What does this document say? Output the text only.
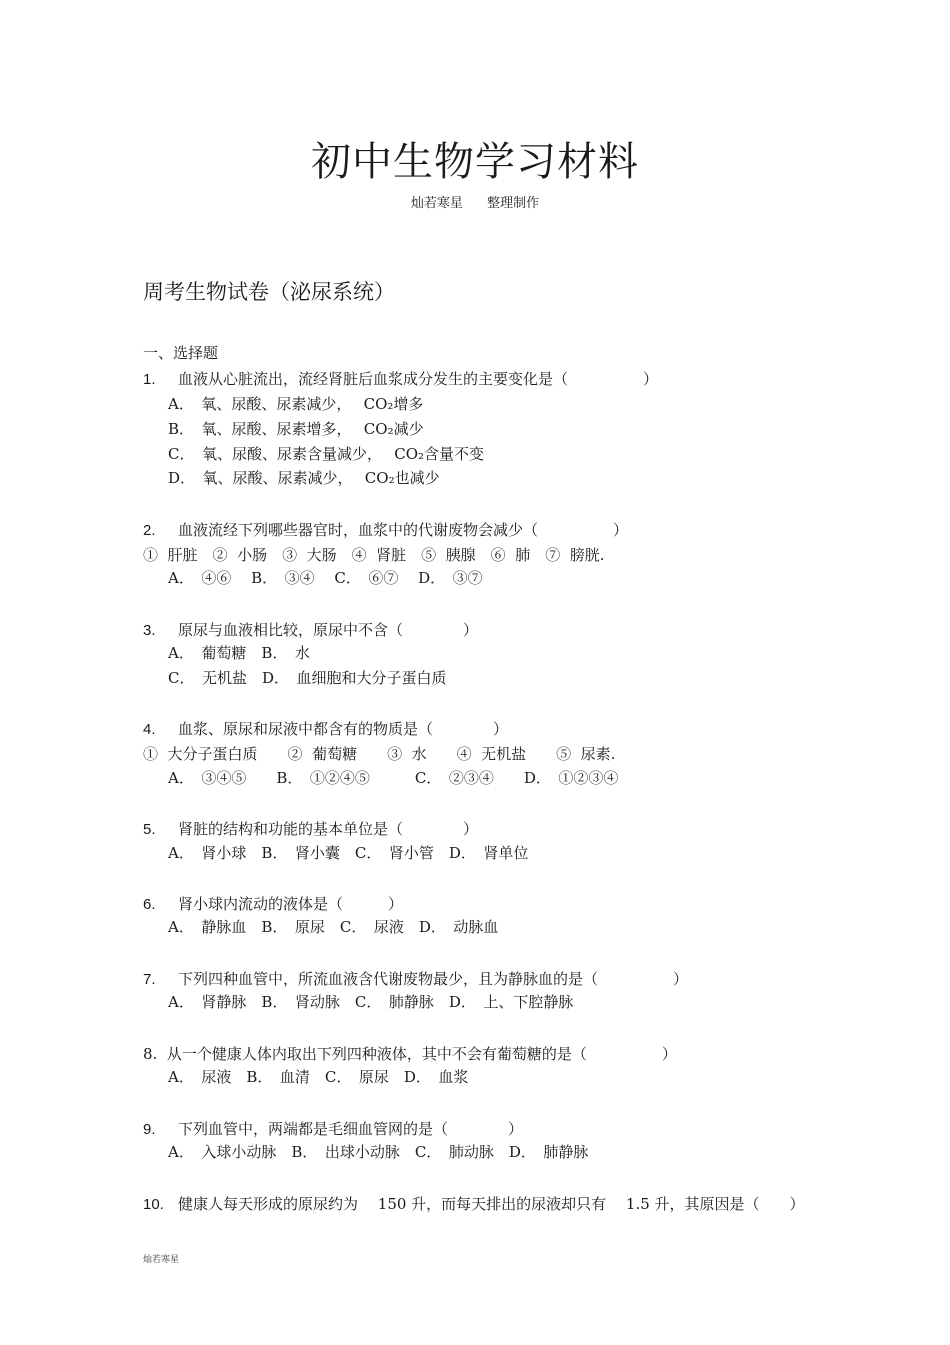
初中生物学习材料
灿若寒星 整理制作
周考生物试卷（泌尿系统）
一、选择题
1. 血液从心脏流出，流经肾脏后血浆成分发生的主要变化是（　　　　　）
A．　氧、尿酸、尿素减少，　 CO₂增多
B．　氧、尿酸、尿素增多，　 CO₂减少
C．　氧、尿酸、尿素含量减少，　 CO₂含量不变
D．　氧、尿酸、尿素减少，　 CO₂也减少
2. 血液流经下列哪些器官时，血浆中的代谢废物会减少（　　　　　）
①  肝脏　②  小肠　③  大肠　④  肾脏　⑤  胰腺　⑥  肺　⑦  膀胱.
A．　④⑥　 B．　③④　 C．　⑥⑦　 D．　③⑦
3. 原尿与血液相比较，原尿中不含（　　　　）
A．　葡萄糖　B．　水
C．　无机盐　D．　血细胞和大分子蛋白质
4. 血浆、原尿和尿液中都含有的物质是（　　　　）
①  大分子蛋白质　　②  葡萄糖　　③  水　　④  无机盐　　⑤  尿素.
A．　③④⑤　　B．　①②④⑤　　　C．　②③④　　D．　①②③④
5. 肾脏的结构和功能的基本单位是（　　　　）
A．　肾小球　B．　肾小囊　C．　肾小管　D．　肾单位
6. 肾小球内流动的液体是（　　　）
A．　静脉血　B．　原尿　C．　尿液　D．　动脉血
7. 下列四种血管中，所流血液含代谢废物最少，且为静脉血的是（　　　　　）
A．　肾静脉　B．　肾动脉　C．　肺静脉　D．　上、下腔静脉
8.  从一个健康人体内取出下列四种液体，其中不会有葡萄糖的是（　　　　　）
A．　尿液　B．　血清　C．　原尿　D．　血浆
9. 下列血管中，两端都是毛细血管网的是（　　　　）
A．　入球小动脉　B．　出球小动脉　C．　肺动脉　D．　肺静脉
10. 健康人每天形成的原尿约为　 150 升，而每天排出的尿液却只有　 1.5 升，其原因是（　　）
灿若寒星
